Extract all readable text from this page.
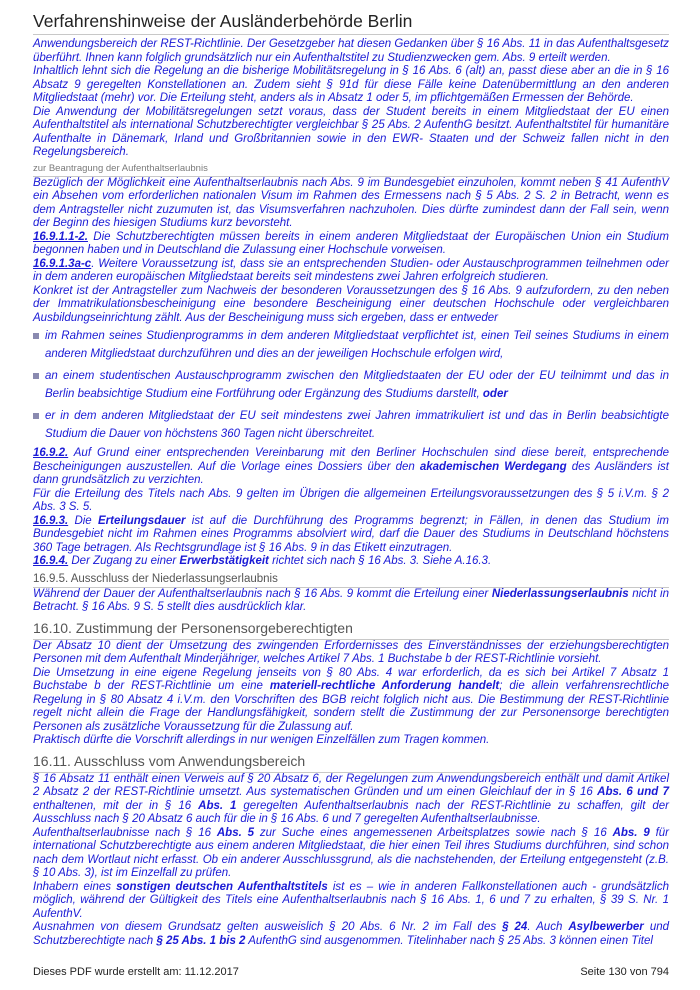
Verfahrenshinweise der Ausländerbehörde Berlin

Anwendungsbereich der REST-Richtlinie. Der Gesetzgeber hat diesen Gedanken über § 16 Abs. 11 in das Aufenthaltsgesetz überführt. Ihnen kann folglich grundsätzlich nur ein Aufenthaltstitel zu Studienzwecken gem. Abs. 9 erteilt werden.

Inhaltlich lehnt sich die Regelung an die bisherige Mobilitätsregelung in § 16 Abs. 6 (alt) an, passt diese aber an die in § 16 Absatz 9 geregelten Konstellationen an. Zudem sieht § 91d für diese Fälle keine Datenübermittlung an den anderen Mitgliedstaat (mehr) vor. Die Erteilung steht, anders als in Absatz 1 oder 5, im pflichtgemäßen Ermessen der Behörde.

Die Anwendung der Mobilitätsregelungen setzt voraus, dass der Student bereits in einem Mitgliedstaat der EU einen Aufenthaltstitel als international Schutzberechtigter vergleichbar § 25 Abs. 2 AufenthG besitzt. Aufenthaltstitel für humanitäre Aufenthalte in Dänemark, Irland und Großbritannien sowie in den EWR- Staaten und der Schweiz fallen nicht in den Regelungsbereich.

zur Beantragung der Aufenthaltserlaubnis

Bezüglich der Möglichkeit eine Aufenthaltserlaubnis nach Abs. 9 im Bundesgebiet einzuholen, kommt neben § 41 AufenthV ein Absehen vom erforderlichen nationalen Visum im Rahmen des Ermessens nach § 5 Abs. 2 S. 2 in Betracht, wenn es dem Antragsteller nicht zuzumuten ist, das Visumsverfahren nachzuholen. Dies dürfte zumindest dann der Fall sein, wenn der Beginn des hiesigen Studiums kurz bevorsteht.

16.9.1.1-2. Die Schutzberechtigten müssen bereits in einem anderen Mitgliedstaat der Europäischen Union ein Studium begonnen haben und in Deutschland die Zulassung einer Hochschule vorweisen.

16.9.1.3a-c. Weitere Voraussetzung ist, dass sie an entsprechenden Studien- oder Austauschprogrammen teilnehmen oder in dem anderen europäischen Mitgliedstaat bereits seit mindestens zwei Jahren erfolgreich studieren.

Konkret ist der Antragsteller zum Nachweis der besonderen Voraussetzungen des § 16 Abs. 9 aufzufordern, zu den neben der Immatrikulationsbescheinigung eine besondere Bescheinigung einer deutschen Hochschule oder vergleichbaren Ausbildungseinrichtung zählt. Aus der Bescheinigung muss sich ergeben, dass er entweder

im Rahmen seines Studienprogramms in dem anderen Mitgliedstaat verpflichtet ist, einen Teil seines Studiums in einem anderen Mitgliedstaat durchzuführen und dies an der jeweiligen Hochschule erfolgen wird,
an einem studentischen Austauschprogramm zwischen den Mitgliedstaaten der EU oder der EU teilnimmt und das in Berlin beabsichtige Studium eine Fortführung oder Ergänzung des Studiums darstellt, oder
er in dem anderen Mitgliedstaat der EU seit mindestens zwei Jahren immatrikuliert ist und das in Berlin beabsichtigte Studium die Dauer von höchstens 360 Tagen nicht überschreitet.

16.9.2. Auf Grund einer entsprechenden Vereinbarung mit den Berliner Hochschulen sind diese bereit, entsprechende Bescheinigungen auszustellen. Auf die Vorlage eines Dossiers über den akademischen Werdegang des Ausländers ist dann grundsätzlich zu verzichten.

Für die Erteilung des Titels nach Abs. 9 gelten im Übrigen die allgemeinen Erteilungsvoraussetzungen des § 5 i.V.m. § 2 Abs. 3 S. 5.

16.9.3. Die Erteilungsdauer ist auf die Durchführung des Programms begrenzt; in Fällen, in denen das Studium im Bundesgebiet nicht im Rahmen eines Programms absolviert wird, darf die Dauer des Studiums in Deutschland höchstens 360 Tage betragen. Als Rechtsgrundlage ist § 16 Abs. 9 in das Etikett einzutragen.

16.9.4. Der Zugang zu einer Erwerbstätigkeit richtet sich nach § 16 Abs. 3. Siehe A.16.3.

16.9.5. Ausschluss der Niederlassungserlaubnis

Während der Dauer der Aufenthaltserlaubnis nach § 16 Abs. 9 kommt die Erteilung einer Niederlassungserlaubnis nicht in Betracht. § 16 Abs. 9 S. 5 stellt dies ausdrücklich klar.

16.10. Zustimmung der Personensorgeberechtigten

Der Absatz 10 dient der Umsetzung des zwingenden Erfordernisses des Einverständnisses der erziehungsberechtigten Personen mit dem Aufenthalt Minderjähriger, welches Artikel 7 Abs. 1 Buchstabe b der REST-Richtlinie vorsieht.

Die Umsetzung in eine eigene Regelung jenseits von § 80 Abs. 4 war erforderlich, da es sich bei Artikel 7 Absatz 1 Buchstabe b der REST-Richtlinie um eine materiell-rechtliche Anforderung handelt; die allein verfahrensrechtliche Regelung in § 80 Absatz 4 i.V.m. den Vorschriften des BGB reicht folglich nicht aus. Die Bestimmung der REST-Richtlinie regelt nicht allein die Frage der Handlungsfähigkeit, sondern stellt die Zustimmung der zur Personensorge berechtigten Personen als zusätzliche Voraussetzung für die Zulassung auf.

Praktisch dürfte die Vorschrift allerdings in nur wenigen Einzelfällen zum Tragen kommen.

16.11. Ausschluss vom Anwendungsbereich

§ 16 Absatz 11 enthält einen Verweis auf § 20 Absatz 6, der Regelungen zum Anwendungsbereich enthält und damit Artikel 2 Absatz 2 der REST-Richtlinie umsetzt. Aus systematischen Gründen und um einen Gleichlauf der in § 16 Abs. 6 und 7 enthaltenen, mit der in § 16 Abs. 1 geregelten Aufenthaltserlaubnis nach der REST-Richtlinie zu schaffen, gilt der Ausschluss nach § 20 Absatz 6 auch für die in § 16 Abs. 6 und 7 geregelten Aufenthaltserlaubnisse.

Aufenthaltserlaubnisse nach § 16 Abs. 5 zur Suche eines angemessenen Arbeitsplatzes sowie nach § 16 Abs. 9 für international Schutzberechtigte aus einem anderen Mitgliedstaat, die hier einen Teil ihres Studiums durchführen, sind schon nach dem Wortlaut nicht erfasst. Ob ein anderer Ausschlussgrund, als die nachstehenden, der Erteilung entgegensteht (z.B. § 10 Abs. 3), ist im Einzelfall zu prüfen.

Inhabern eines sonstigen deutschen Aufenthaltstitels ist es – wie in anderen Fallkonstellationen auch - grundsätzlich möglich, während der Gültigkeit des Titels eine Aufenthaltserlaubnis nach § 16 Abs. 1, 6 und 7 zu erhalten, § 39 S. Nr. 1 AufenthV.

Ausnahmen von diesem Grundsatz gelten ausweislich § 20 Abs. 6 Nr. 2 im Fall des § 24. Auch Asylbewerber und Schutzberechtigte nach § 25 Abs. 1 bis 2 AufenthG sind ausgenommen. Titelinhaber nach § 25 Abs. 3 können einen Titel

Dieses PDF wurde erstellt am: 11.12.2017	Seite 130 von 794
